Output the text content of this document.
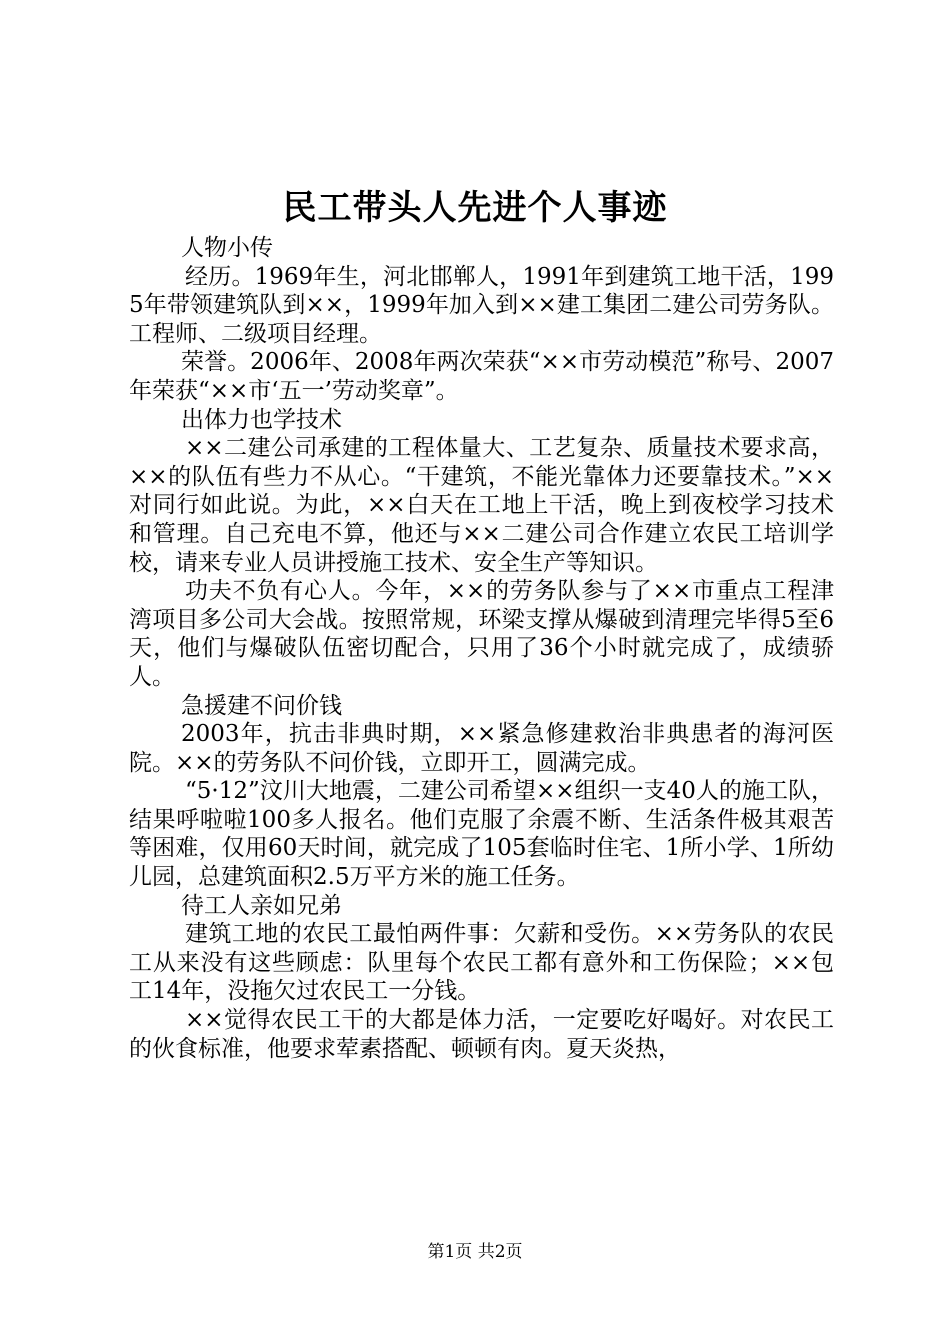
民工带头人先进个人事迹

人物小传

经历。1969年生，河北邯郸人，1991年到建筑工地干活，1995年带领建筑队到××，1999年加入到××建工集团二建公司劳务队。工程师、二级项目经理。

荣誉。2006年、2008年两次荣获“××市劳动模范”称号、2007年荣获“××市‘五一’劳动奖章”。

出体力也学技术

××二建公司承建的工程体量大、工艺复杂、质量技术要求高，××的队伍有些力不从心。“干建筑，不能光靠体力还要靠技术。”××对同行如此说。为此，××白天在工地上干活，晚上到夜校学习技术和管理。自己充电不算，他还与××二建公司合作建立农民工培训学校，请来专业人员讲授施工技术、安全生产等知识。

功夫不负有心人。今年，××的劳务队参与了××市重点工程津湾项目多公司大会战。按照常规，环梁支撑从爆破到清理完毕得5至6天，他们与爆破队伍密切配合，只用了36个小时就完成了，成绩骄人。

急援建不问价钱

2003年，抗击非典时期，××紧急修建救治非典患者的海河医院。××的劳务队不问价钱，立即开工，圆满完成。

“5·12”汶川大地震，二建公司希望××组织一支40人的施工队，结果呼啦啦100多人报名。他们克服了余震不断、生活条件极其艰苦等困难，仅用60天时间，就完成了105套临时住宅、1所小学、1所幼儿园，总建筑面积2.5万平方米的施工任务。

待工人亲如兄弟

建筑工地的农民工最怕两件事：欠薪和受伤。××劳务队的农民工从来没有这些顾虑：队里每个农民工都有意外和工伤保险；××包工14年，没拖欠过农民工一分钱。

××觉得农民工干的大都是体力活，一定要吃好喝好。对农民工的伙食标准，他要求荤素搭配、顿顿有肉。夏天炎热，

第1页 共2页
